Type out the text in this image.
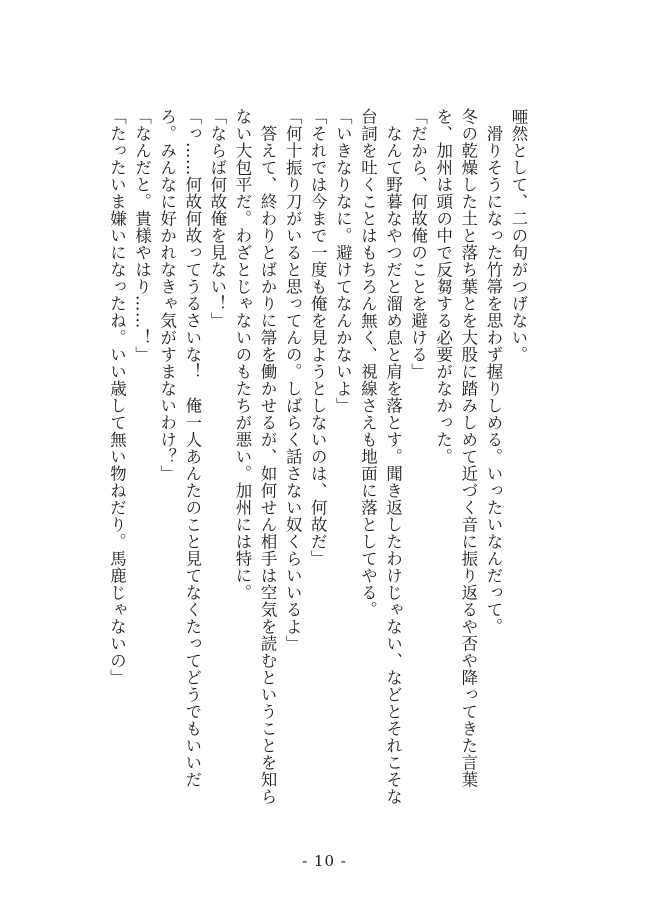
唖然として、二の句がつげない。
　滑りそうになった竹箒を思わず握りしめる。いったいなんだって。
冬の乾燥した土と落ち葉とを大股に踏みしめて近づく音に振り返るや否や降ってきた言葉
を、加州は頭の中で反芻する必要がなかった。
「だから、何故俺のことを避ける」
　なんて野暮なやつだと溜め息と肩を落とす。聞き返したわけじゃない、などとそれこそな
台詞を吐くことはもちろん無く、視線さえも地面に落としてやる。
「いきなりなに。避けてなんかないよ」
「それでは今まで一度も俺を見ようとしないのは、何故だ」
「何十振り刀がいると思ってんの。しばらく話さない奴くらいいるよ」
　答えて、終わりとばかりに箒を働かせるが、如何せん相手は空気を読むということを知ら
ない大包平だ。わざとじゃないのもたちが悪い。加州には特に。
「ならば何故俺を見ない！」
「っ……何故何故ってうるさいな！　俺一人あんたのこと見てなくたってどうでもいいだ
ろ。みんなに好かれなきゃ気がすまないわけ？」
「なんだと。貴様やはり……！」
「たったいま嫌いになったね。いい歳して無い物ねだり。馬鹿じゃないの」
- 10 -
